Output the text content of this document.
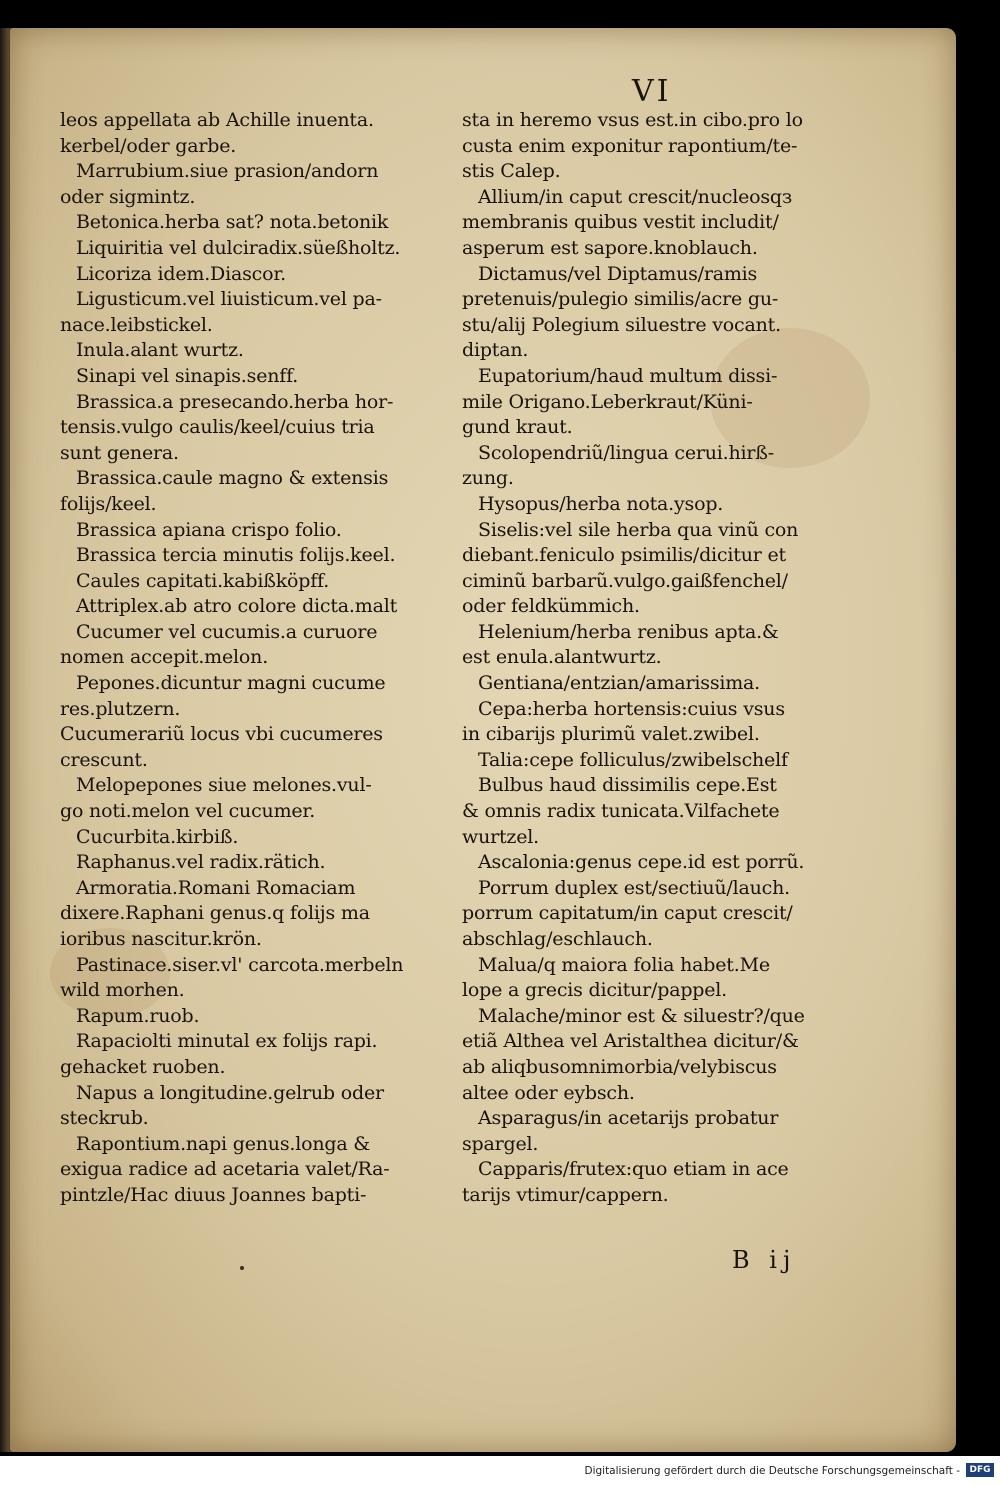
VI
leos appellata ab Achille inuenta.
kerbel/oder garbe.
Marrubium.siue prasion/andorn
oder sigmintz.
Betonica.herba sat? nota.betonik
Liquiritia vel dulciradix.süeßholtz.
Licoriza idem.Diascor.
Ligusticum.vel liuisticum.vel pa-
nace.leibstickel.
Inula.alant wurtz.
Sinapi vel sinapis.senff.
Brassica.a presecando.herba hor-
tensis.vulgo caulis/keel/cuius tria
sunt genera.
Brassica.caule magno & extensis
folijs/keel.
Brassica apiana crispo folio.
Brassica tercia minutis folijs.keel.
Caules capitati.kabißköpff.
Attriplex.ab atro colore dicta.malt
Cucumer vel cucumis.a curuore
nomen accepit.melon.
Pepones.dicuntur magni cucume
res.plutzern.
Cucumerariũ locus vbi cucumeres
crescunt.
Melopepones siue melones.vul-
go noti.melon vel cucumer.
Cucurbita.kirbiß.
Raphanus.vel radix.rätich.
Armoratia.Romani Romaciam
dixere.Raphani genus.q folijs ma
ioribus nascitur.krön.
Pastinace.siser.vl' carcota.merbeln
wild morhen.
Rapum.ruob.
Rapaciolti minutal ex folijs rapi.
gehacket ruoben.
Napus a longitudine.gelrub oder
steckrub.
Rapontium.napi genus.longa &
exigua radice ad acetaria valet/Ra-
pintzle/Hac diuus Joannes bapti-
sta in heremo vsus est.in cibo.pro lo
custa enim exponitur rapontium/te-
stis Calep.
Allium/in caput crescit/nucleosqз
membranis quibus vestit includit/
asperum est sapore.knoblauch.
Dictamus/vel Diptamus/ramis
pretenuis/pulegio similis/acre gu-
stu/alij Polegium siluestre vocant.
diptan.
Eupatorium/haud multum dissi-
mile Origano.Leberkraut/Küni-
gund kraut.
Scolopendriũ/lingua cerui.hirß-
zung.
Hysopus/herba nota.ysop.
Siselis:vel sile herba qua vinũ con
diebant.feniculo psimilis/dicitur et
ciminũ barbarũ.vulgo.gaißfenchel/
oder feldkümmich.
Helenium/herba renibus apta.&
est enula.alantwurtz.
Gentiana/entzian/amarissima.
Cepa:herba hortensis:cuius vsus
in cibarijs plurimũ valet.zwibel.
Talia:cepe folliculus/zwibelschelf
Bulbus haud dissimilis cepe.Est
& omnis radix tunicata.Vilfachete
wurtzel.
Ascalonia:genus cepe.id est porrũ.
Porrum duplex est/sectiuũ/lauch.
porrum capitatum/in caput crescit/
abschlag/eschlauch.
Malua/q maiora folia habet.Me
lope a grecis dicitur/pappel.
Malache/minor est & siluestr?/que
etiã Althea vel Aristalthea dicitur/&
ab aliqbusomnimorbia/velybiscus
altee oder eybsch.
Asparagus/in acetarijs probatur
spargel.
Capparis/frutex:quo etiam in ace
tarijs vtimur/cappern.
B ij
Digitalisierung gefördert durch die Deutsche Forschungsgemeinschaft -	DFG
